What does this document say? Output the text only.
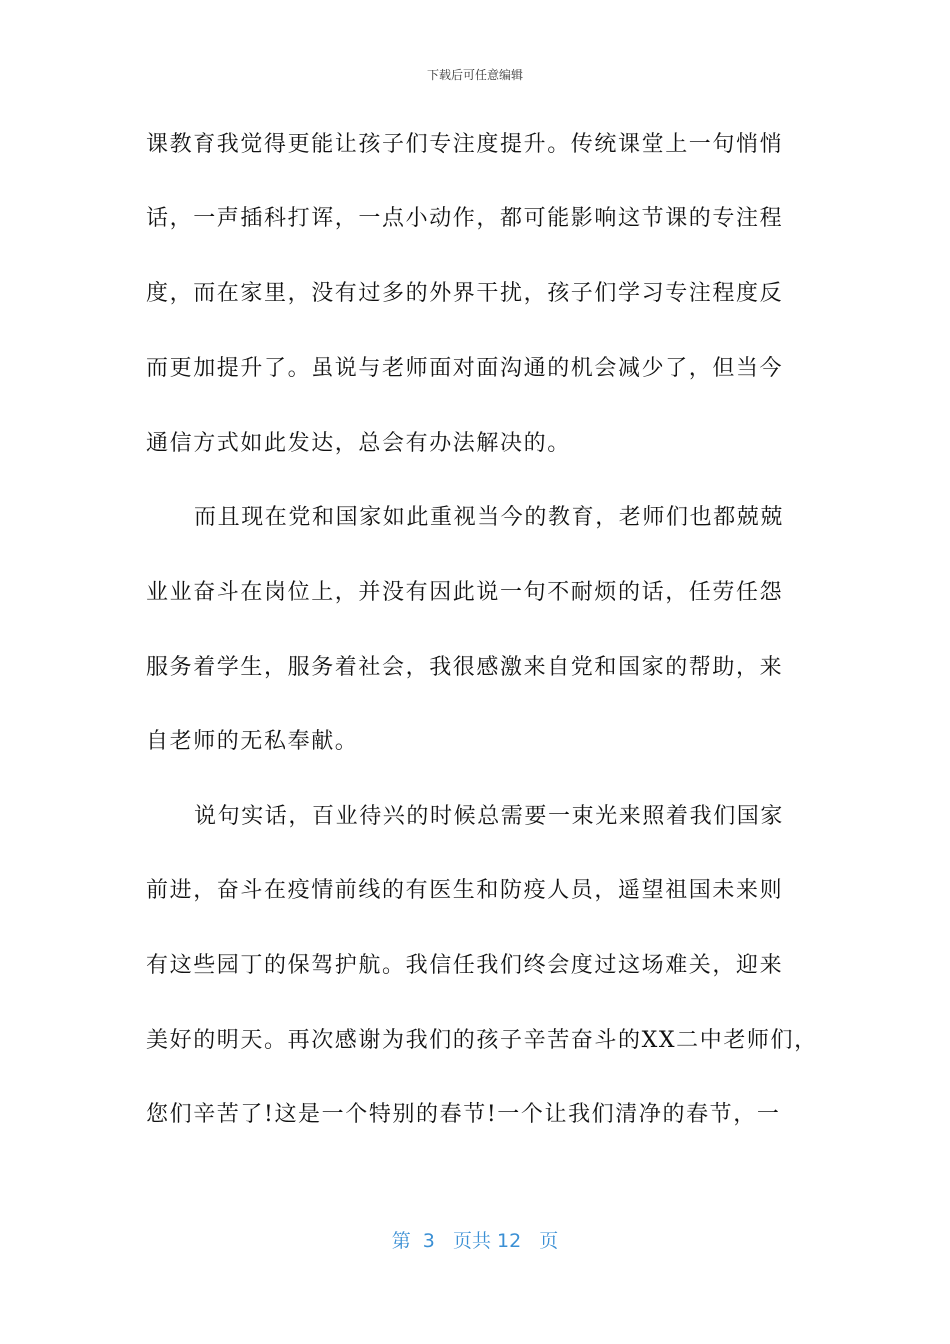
下载后可任意编辑
课教育我觉得更能让孩子们专注度提升。传统课堂上一句悄悄
话，一声插科打诨，一点小动作，都可能影响这节课的专注程
度，而在家里，没有过多的外界干扰，孩子们学习专注程度反
而更加提升了。虽说与老师面对面沟通的机会减少了，但当今
通信方式如此发达，总会有办法解决的。
而且现在党和国家如此重视当今的教育，老师们也都兢兢
业业奋斗在岗位上，并没有因此说一句不耐烦的话，任劳任怨
服务着学生，服务着社会，我很感激来自党和国家的帮助，来
自老师的无私奉献。
说句实话，百业待兴的时候总需要一束光来照着我们国家
前进，奋斗在疫情前线的有医生和防疫人员，遥望祖国未来则
有这些园丁的保驾护航。我信任我们终会度过这场难关，迎来
美好的明天。再次感谢为我们的孩子辛苦奋斗的XX二中老师们，
您们辛苦了!这是一个特别的春节!一个让我们清净的春节，一
第  3   页共 12   页
